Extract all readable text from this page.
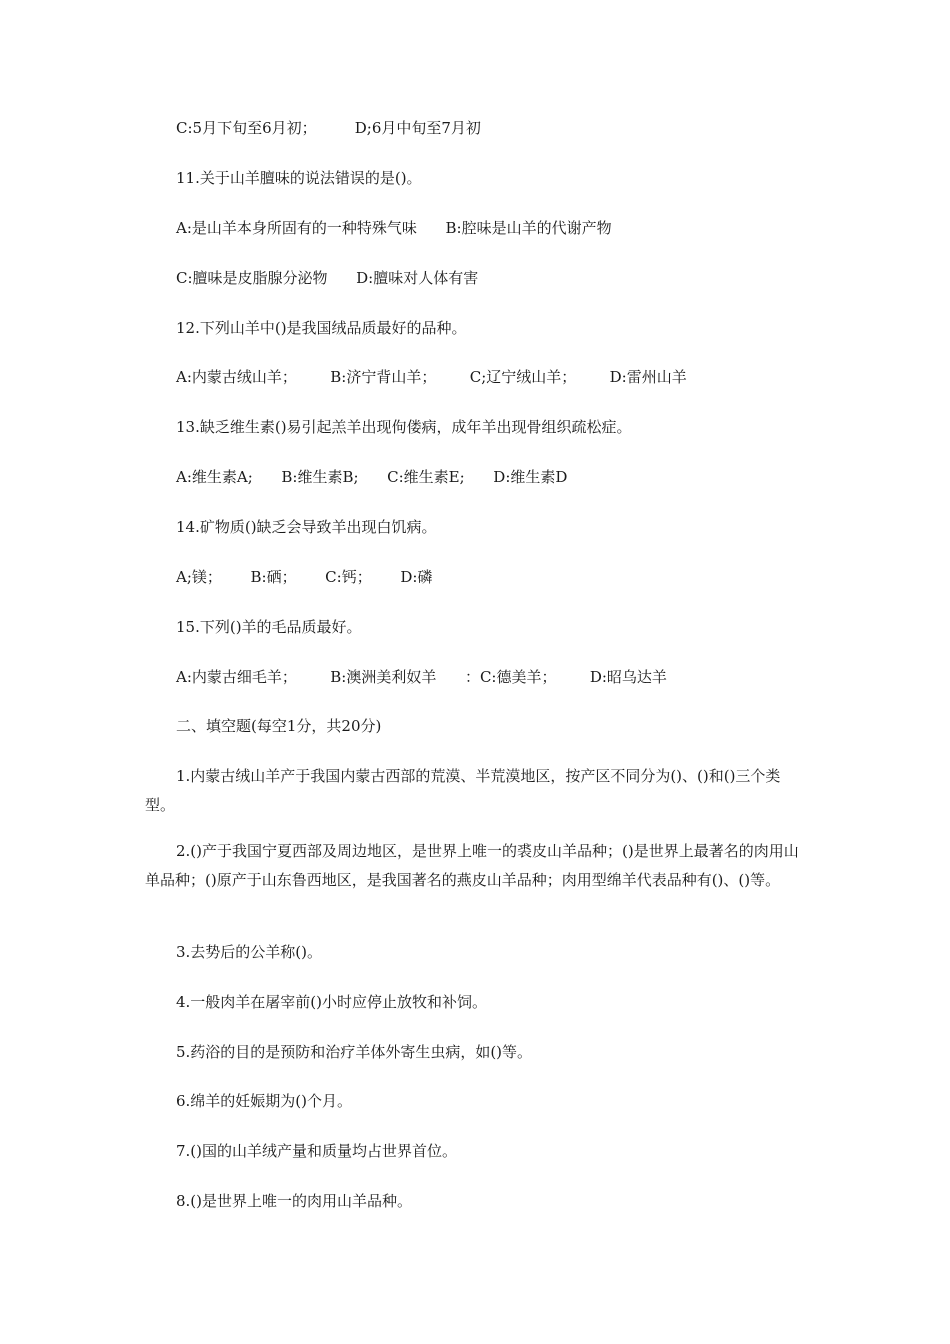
C:5月下旬至6月初；        D;6月中旬至7月初
11.关于山羊膻味的说法错误的是()。
A:是山羊本身所固有的一种特殊气味      B:腔味是山羊的代谢产物
C:膻味是皮脂腺分泌物      D:膻味对人体有害
12.下列山羊中()是我国绒品质最好的品种。
A:内蒙古绒山羊；       B:济宁背山羊；       C;辽宁绒山羊；       D:雷州山羊
13.缺乏维生素()易引起羔羊出现佝偻病，成年羊出现骨组织疏松症。
A:维生素A;      B:维生素B;      C:维生素E;      D:维生素D
14.矿物质()缺乏会导致羊出现白饥病。
A;镁；      B:硒；      C:钙；      D:磷
15.下列()羊的毛品质最好。
A:内蒙古细毛羊；       B:澳洲美利奴羊      ：C:德美羊；       D:昭乌达羊
二、填空题(每空1分，共20分)
1.内蒙古绒山羊产于我国内蒙古西部的荒漠、半荒漠地区，按产区不同分为()、()和()三个类型。
2.()产于我国宁夏西部及周边地区，是世界上唯一的裘皮山羊品种；()是世界上最著名的肉用山单品种；()原产于山东鲁西地区，是我国著名的燕皮山羊品种；肉用型绵羊代表品种有()、()等。
3.去势后的公羊称()。
4.一般肉羊在屠宰前()小时应停止放牧和补饲。
5.药浴的目的是预防和治疗羊体外寄生虫病，如()等。
6.绵羊的妊娠期为()个月。
7.()国的山羊绒产量和质量均占世界首位。
8.()是世界上唯一的肉用山羊品种。
